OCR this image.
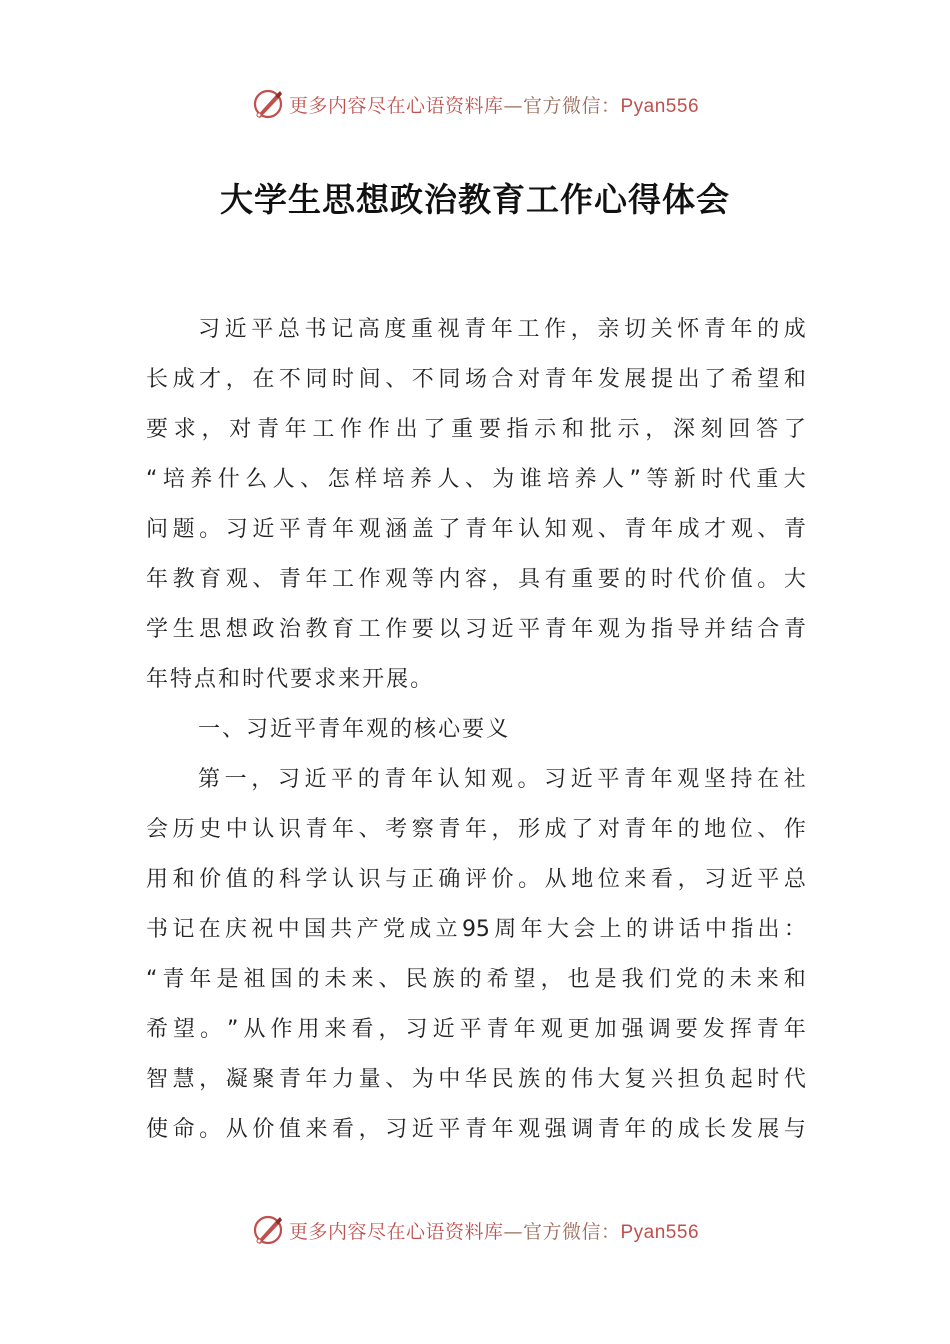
更多内容尽在心语资料库—官方微信：Pyan556
大学生思想政治教育工作心得体会
习 近 平 总 书 记 高 度 重 视 青 年 工 作 ， 亲 切 关 怀 青 年 的 成
长 成 才 ， 在 不 同 时 间 、 不 同 场 合 对 青 年 发 展 提 出 了 希 望 和
要 求 ， 对 青 年 工 作 作 出 了 重 要 指 示 和 批 示 ， 深 刻 回 答 了
“ 培 养 什 么 人 、 怎 样 培 养 人 、 为 谁 培 养 人 ” 等 新 时 代 重 大
问 题 。 习 近 平 青 年 观 涵 盖 了 青 年 认 知 观 、 青 年 成 才 观 、 青
年 教 育 观 、 青 年 工 作 观 等 内 容 ， 具 有 重 要 的 时 代 价 值 。 大
学 生 思 想 政 治 教 育 工 作 要 以 习 近 平 青 年 观 为 指 导 并 结 合 青
年 特 点 和 时 代 要 求 来 开 展 。
一 、 习 近 平 青 年 观 的 核 心 要 义
第 一 ， 习 近 平 的 青 年 认 知 观 。 习 近 平 青 年 观 坚 持 在 社
会 历 史 中 认 识 青 年 、 考 察 青 年 ， 形 成 了 对 青 年 的 地 位 、 作
用 和 价 值 的 科 学 认 识 与 正 确 评 价 。 从 地 位 来 看 ， 习 近 平 总
书 记 在 庆 祝 中 国 共 产 党 成 立 95 周 年 大 会 上 的 讲 话 中 指 出 ：
“ 青 年 是 祖 国 的 未 来 、 民 族 的 希 望 ， 也 是 我 们 党 的 未 来 和
希 望 。 ” 从 作 用 来 看 ， 习 近 平 青 年 观 更 加 强 调 要 发 挥 青 年
智 慧 ， 凝 聚 青 年 力 量 、 为 中 华 民 族 的 伟 大 复 兴 担 负 起 时 代
使 命 。 从 价 值 来 看 ， 习 近 平 青 年 观 强 调 青 年 的 成 长 发 展 与
更多内容尽在心语资料库—官方微信：Pyan556
